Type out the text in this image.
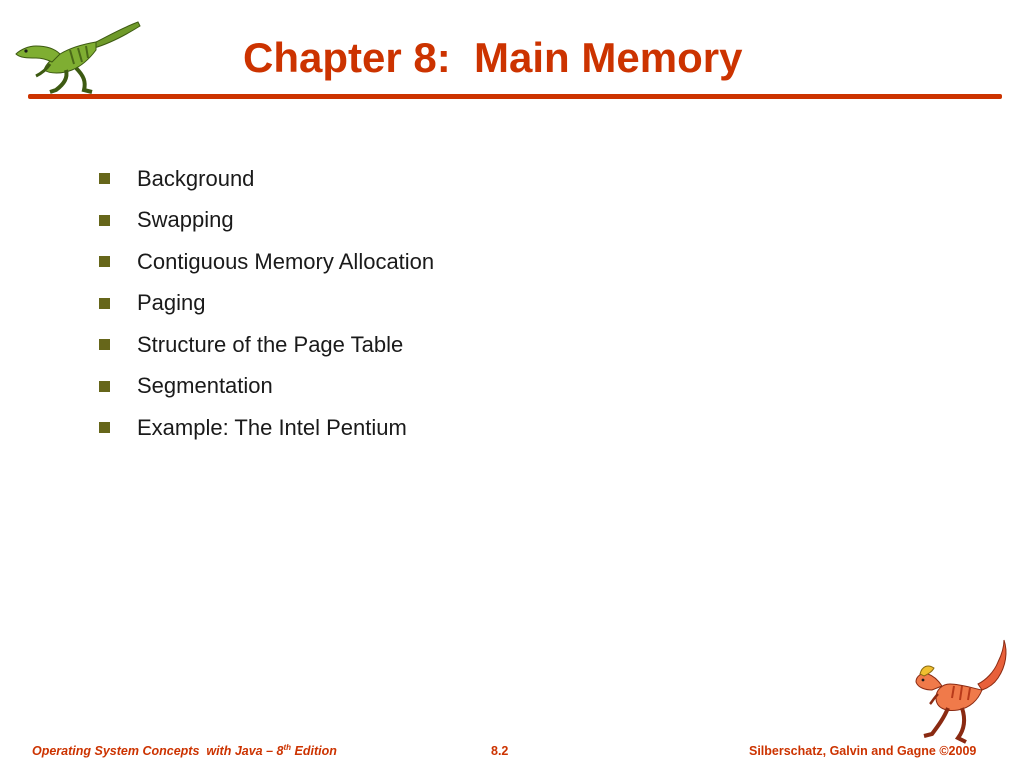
Chapter 8:  Main Memory
Background
Swapping
Contiguous Memory Allocation
Paging
Structure of the Page Table
Segmentation
Example: The Intel Pentium
Operating System Concepts  with Java – 8th Edition	8.2	Silberschatz, Galvin and Gagne ©2009
